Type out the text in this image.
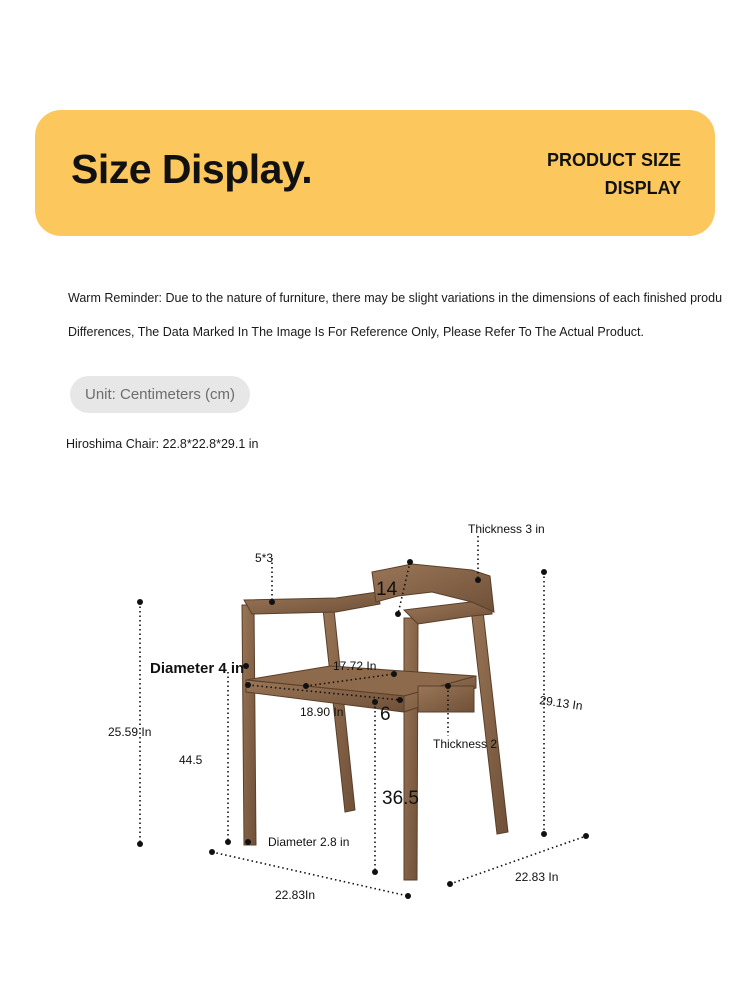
Size Display.	PRODUCT SIZE
DISPLAY
Warm Reminder: Due to the nature of furniture, there may be slight variations in the dimensions of each finished produ
Differences, The Data Marked In The Image Is For Reference Only, Please Refer To The Actual Product.
Unit: Centimeters (cm)
Hiroshima Chair: 22.8*22.8*29.1 in
Thickness 3 in
5*3
14
Diameter 4 in	17.72 In
18.90 In 6
29.13 In
25.59 In
Thickness 2
44.5
36.5
Diameter 2.8 in
22.83In
22.83 In
